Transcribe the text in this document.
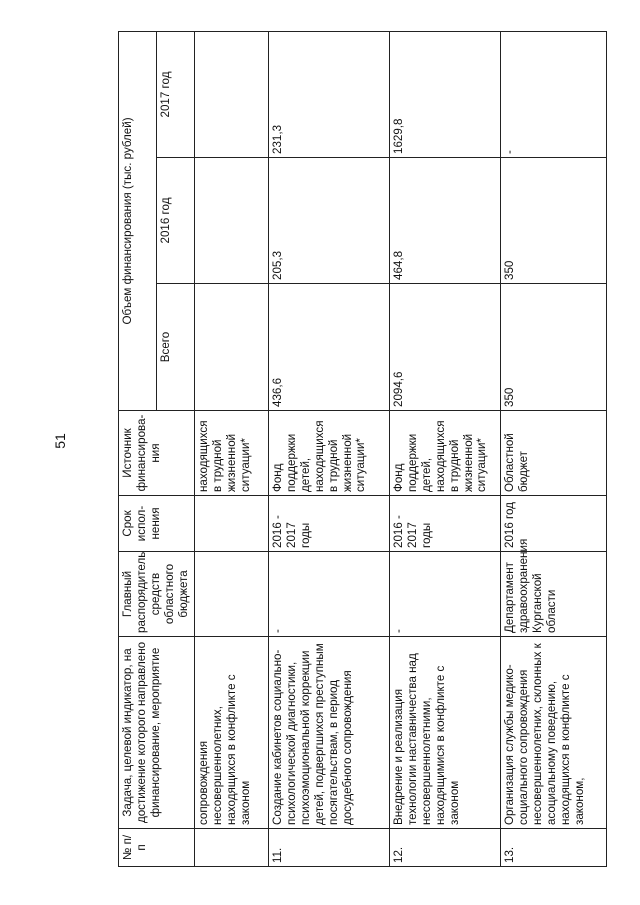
51
№ п/п	Задача, целевой индикатор, на достижение которого направлено финансирование, мероприятие	Главный распорядитель средств областного бюджета	Срок испол-нения	Источник финансирова-ния	Объем финансирования (тыс. рублей)		
					Всего	2016 год	2017 год
	сопровождения несовершеннолетних, находящихся в конфликте с законом			находящихся в трудной жизненной ситуации*			
11.	Создание кабинетов социально-психологической диагностики, психоэмоциональной коррекции детей, подвергшихся преступным посягательствам, в период досудебного сопровождения	-	2016 - 2017 годы	Фонд поддержки детей, находящихся в трудной жизненной ситуации*	436,6	205,3	231,3
12.	Внедрение и реализация технологии наставничества над несовершеннолетними, находящимися в конфликте с законом	-	2016 - 2017 годы	Фонд поддержки детей, находящихся в трудной жизненной ситуации*	2094,6	464,8	1629,8
13.	Организация службы медико-социального сопровождения несовершеннолетних, склонных к асоциальному поведению, находящихся в конфликте с законом,	Департамент здравоохранения Курганской области	2016 год	Областной бюджет	350	350	-
